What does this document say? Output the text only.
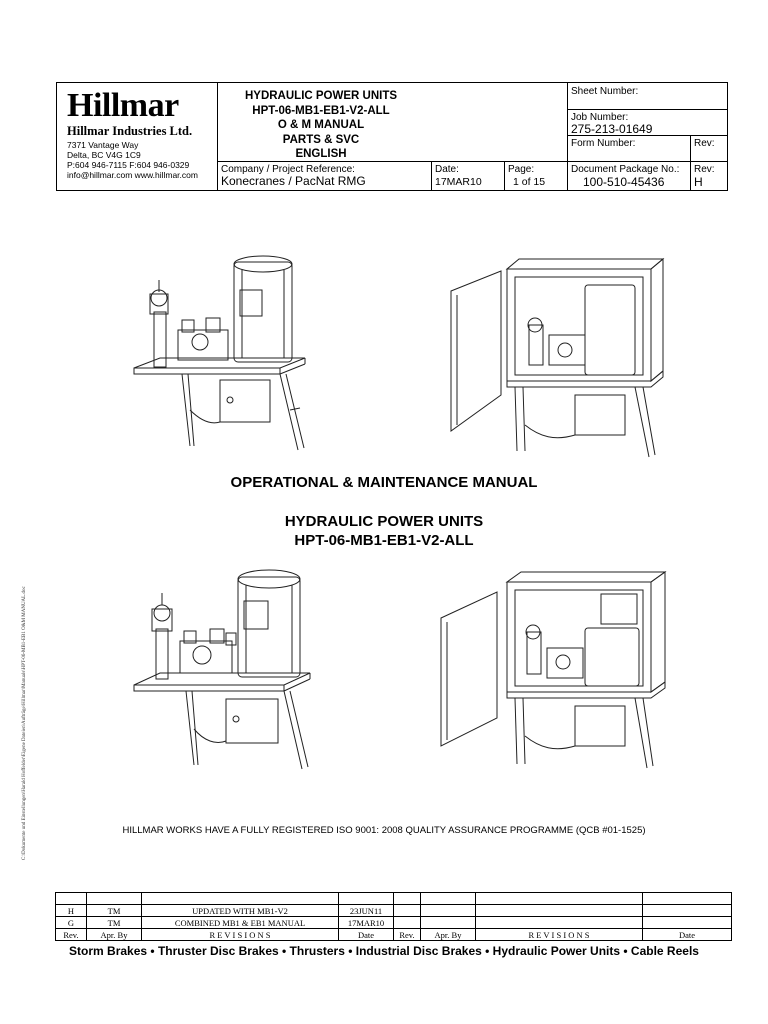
Hillmar
Hillmar Industries Ltd.
7371 Vantage Way
Delta, BC V4G 1C9
P:604 946-7115 F:604 946-0329
info@hillmar.com www.hillmar.com
HYDRAULIC POWER UNITS
HPT-06-MB1-EB1-V2-ALL
O & M MANUAL
PARTS & SVC
ENGLISH
Sheet Number:
Job Number:
275-213-01649
Form Number:	Rev:
Company / Project Reference:
Konecranes / PacNat RMG
Date:
17MAR10
Page:
1 of 15
Document Package No.:
100-510-45436
Rev:
H
C:\Dokumente und Einstellungen\Harald Hoffelder\Eigene Dateien\Aufträge\Hillmar\Manuals\HPT-06-MB1-EB1 O&M MANUAL.doc
OPERATIONAL & MAINTENANCE MANUAL
HYDRAULIC POWER UNITS
HPT-06-MB1-EB1-V2-ALL
HILLMAR WORKS HAVE A FULLY REGISTERED ISO 9001: 2008 QUALITY ASSURANCE PROGRAMME (QCB #01-1525)

H	TM	UPDATED WITH MB1-V2	23JUN11				
G	TM	COMBINED MB1 & EB1 MANUAL	17MAR10				
Rev.	Apr. By	R E V I S I O N S	Date	Rev.	Apr. By	R E V I S I O N S	Date
Storm Brakes • Thruster Disc Brakes • Thrusters • Industrial Disc Brakes • Hydraulic Power Units • Cable Reels
